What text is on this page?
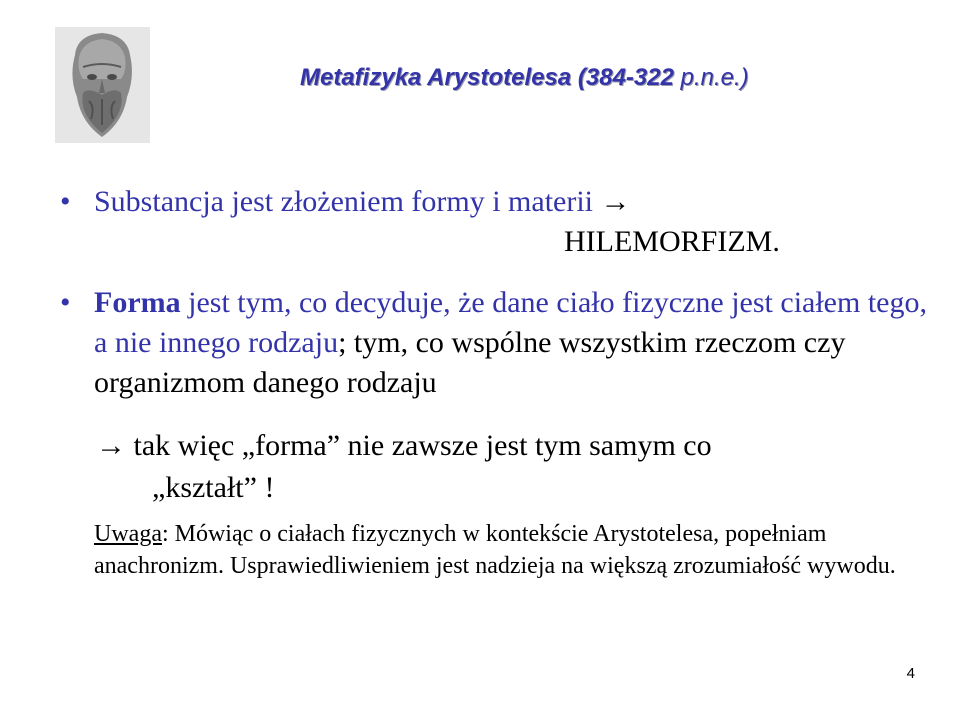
Metafizyka Arystotelesa (384-322 p.n.e.)
• Substancja jest złożeniem formy i materii →
HILEMORFIZM.
• Forma jest tym, co decyduje, że dane ciało fizyczne jest ciałem tego, a nie innego rodzaju; tym, co wspólne wszystkim rzeczom czy organizmom danego rodzaju
→ tak więc „forma” nie zawsze jest tym samym co
„kształt” !
Uwaga: Mówiąc o ciałach fizycznych w kontekście Arystotelesa, popełniam anachronizm. Usprawiedliwieniem jest nadzieja na większą zrozumiałość wywodu.
4
